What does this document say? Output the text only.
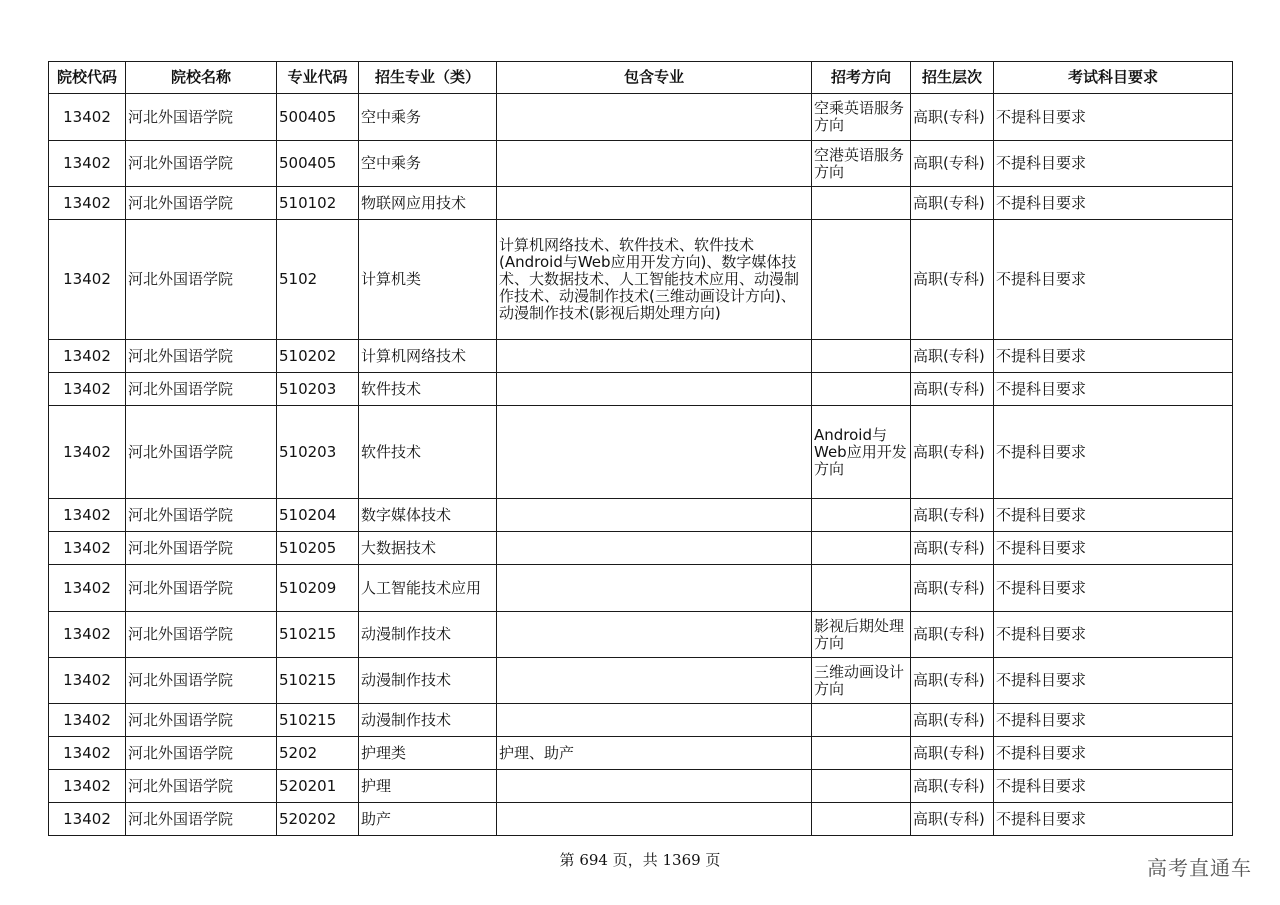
院校代码	院校名称	专业代码	招生专业（类）	包含专业	招考方向	招生层次	考试科目要求
13402	河北外国语学院	500405	空中乘务		空乘英语服务方向	高职(专科)	不提科目要求
13402	河北外国语学院	500405	空中乘务		空港英语服务方向	高职(专科)	不提科目要求
13402	河北外国语学院	510102	物联网应用技术			高职(专科)	不提科目要求
13402	河北外国语学院	5102	计算机类	计算机网络技术、软件技术、软件技术(Android与Web应用开发方向)、数字媒体技术、大数据技术、人工智能技术应用、动漫制作技术、动漫制作技术(三维动画设计方向)、动漫制作技术(影视后期处理方向)		高职(专科)	不提科目要求
13402	河北外国语学院	510202	计算机网络技术			高职(专科)	不提科目要求
13402	河北外国语学院	510203	软件技术			高职(专科)	不提科目要求
13402	河北外国语学院	510203	软件技术		Android与Web应用开发方向	高职(专科)	不提科目要求
13402	河北外国语学院	510204	数字媒体技术			高职(专科)	不提科目要求
13402	河北外国语学院	510205	大数据技术			高职(专科)	不提科目要求
13402	河北外国语学院	510209	人工智能技术应用			高职(专科)	不提科目要求
13402	河北外国语学院	510215	动漫制作技术		影视后期处理方向	高职(专科)	不提科目要求
13402	河北外国语学院	510215	动漫制作技术		三维动画设计方向	高职(专科)	不提科目要求
13402	河北外国语学院	510215	动漫制作技术			高职(专科)	不提科目要求
13402	河北外国语学院	5202	护理类	护理、助产		高职(专科)	不提科目要求
13402	河北外国语学院	520201	护理			高职(专科)	不提科目要求
13402	河北外国语学院	520202	助产			高职(专科)	不提科目要求
第 694 页，共 1369 页	高考直通车
